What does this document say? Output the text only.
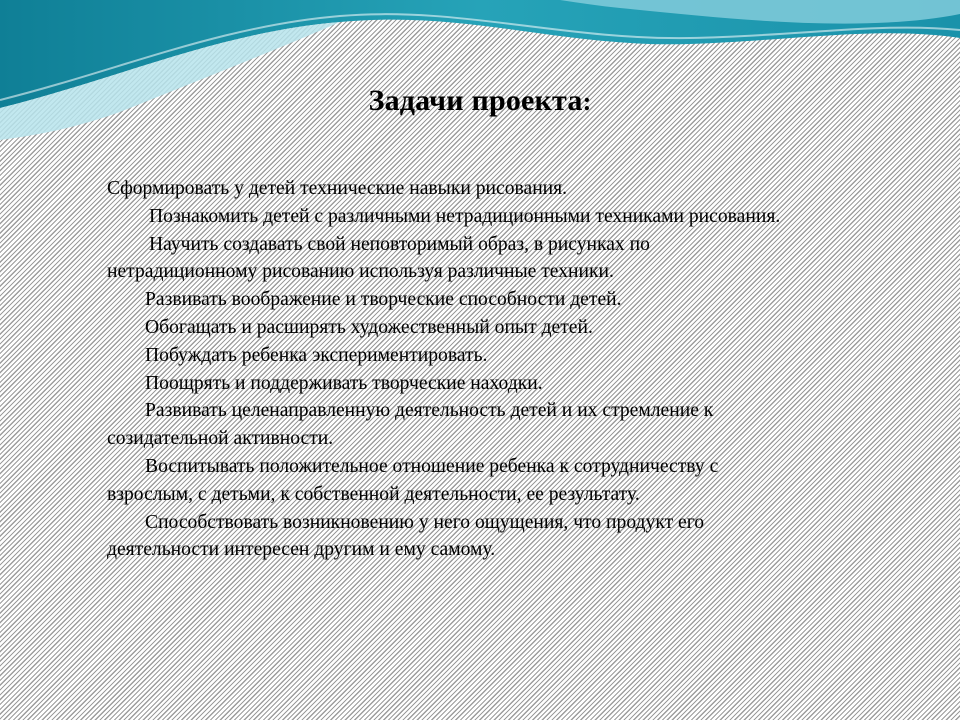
Задачи проекта:
Сформировать у детей технические навыки рисования.
Познакомить детей с различными нетрадиционными техниками рисования.
Научить создавать свой неповторимый образ, в рисунках по нетрадиционному рисованию используя различные техники.
Развивать воображение и творческие способности детей.
Обогащать и расширять художественный опыт детей.
Побуждать ребенка экспериментировать.
Поощрять и поддерживать творческие находки.
Развивать целенаправленную деятельность детей и их стремление к созидательной активности.
Воспитывать положительное отношение ребенка к сотрудничеству с взрослым, с детьми, к собственной деятельности, ее результату.
Способствовать возникновению у него ощущения, что продукт его деятельности интересен другим и ему самому.
